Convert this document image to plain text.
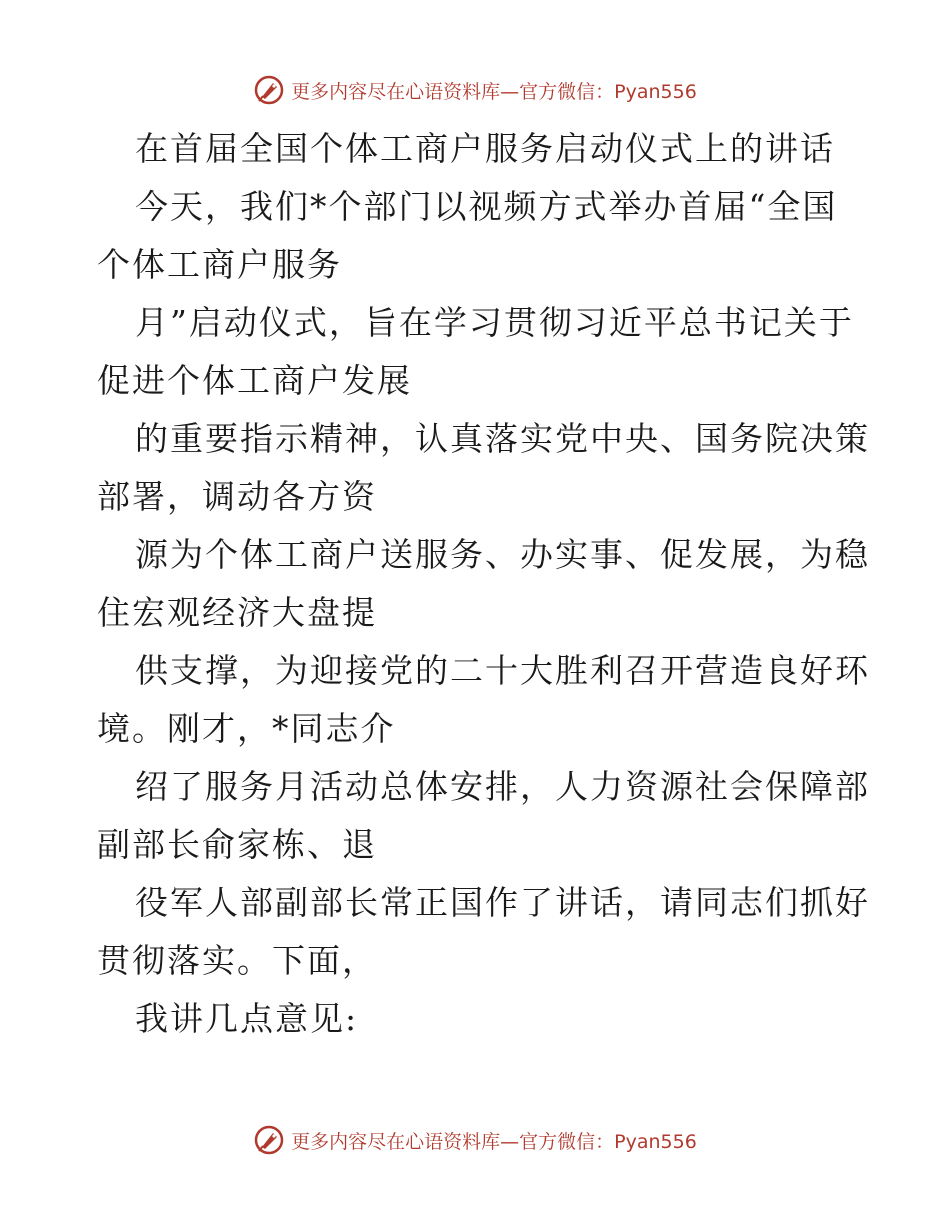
更多内容尽在心语资料库—官方微信：Pyan556
在首届全国个体工商户服务启动仪式上的讲话
今天，我们*个部门以视频方式举办首届“全国
个体工商户服务
月”启动仪式，旨在学习贯彻习近平总书记关于
促进个体工商户发展
的重要指示精神，认真落实党中央、国务院决策
部署，调动各方资
源为个体工商户送服务、办实事、促发展，为稳
住宏观经济大盘提
供支撑，为迎接党的二十大胜利召开营造良好环
境。刚才，*同志介
绍了服务月活动总体安排，人力资源社会保障部
副部长俞家栋、退
役军人部副部长常正国作了讲话，请同志们抓好
贯彻落实。下面，
我讲几点意见:
更多内容尽在心语资料库—官方微信：Pyan556
